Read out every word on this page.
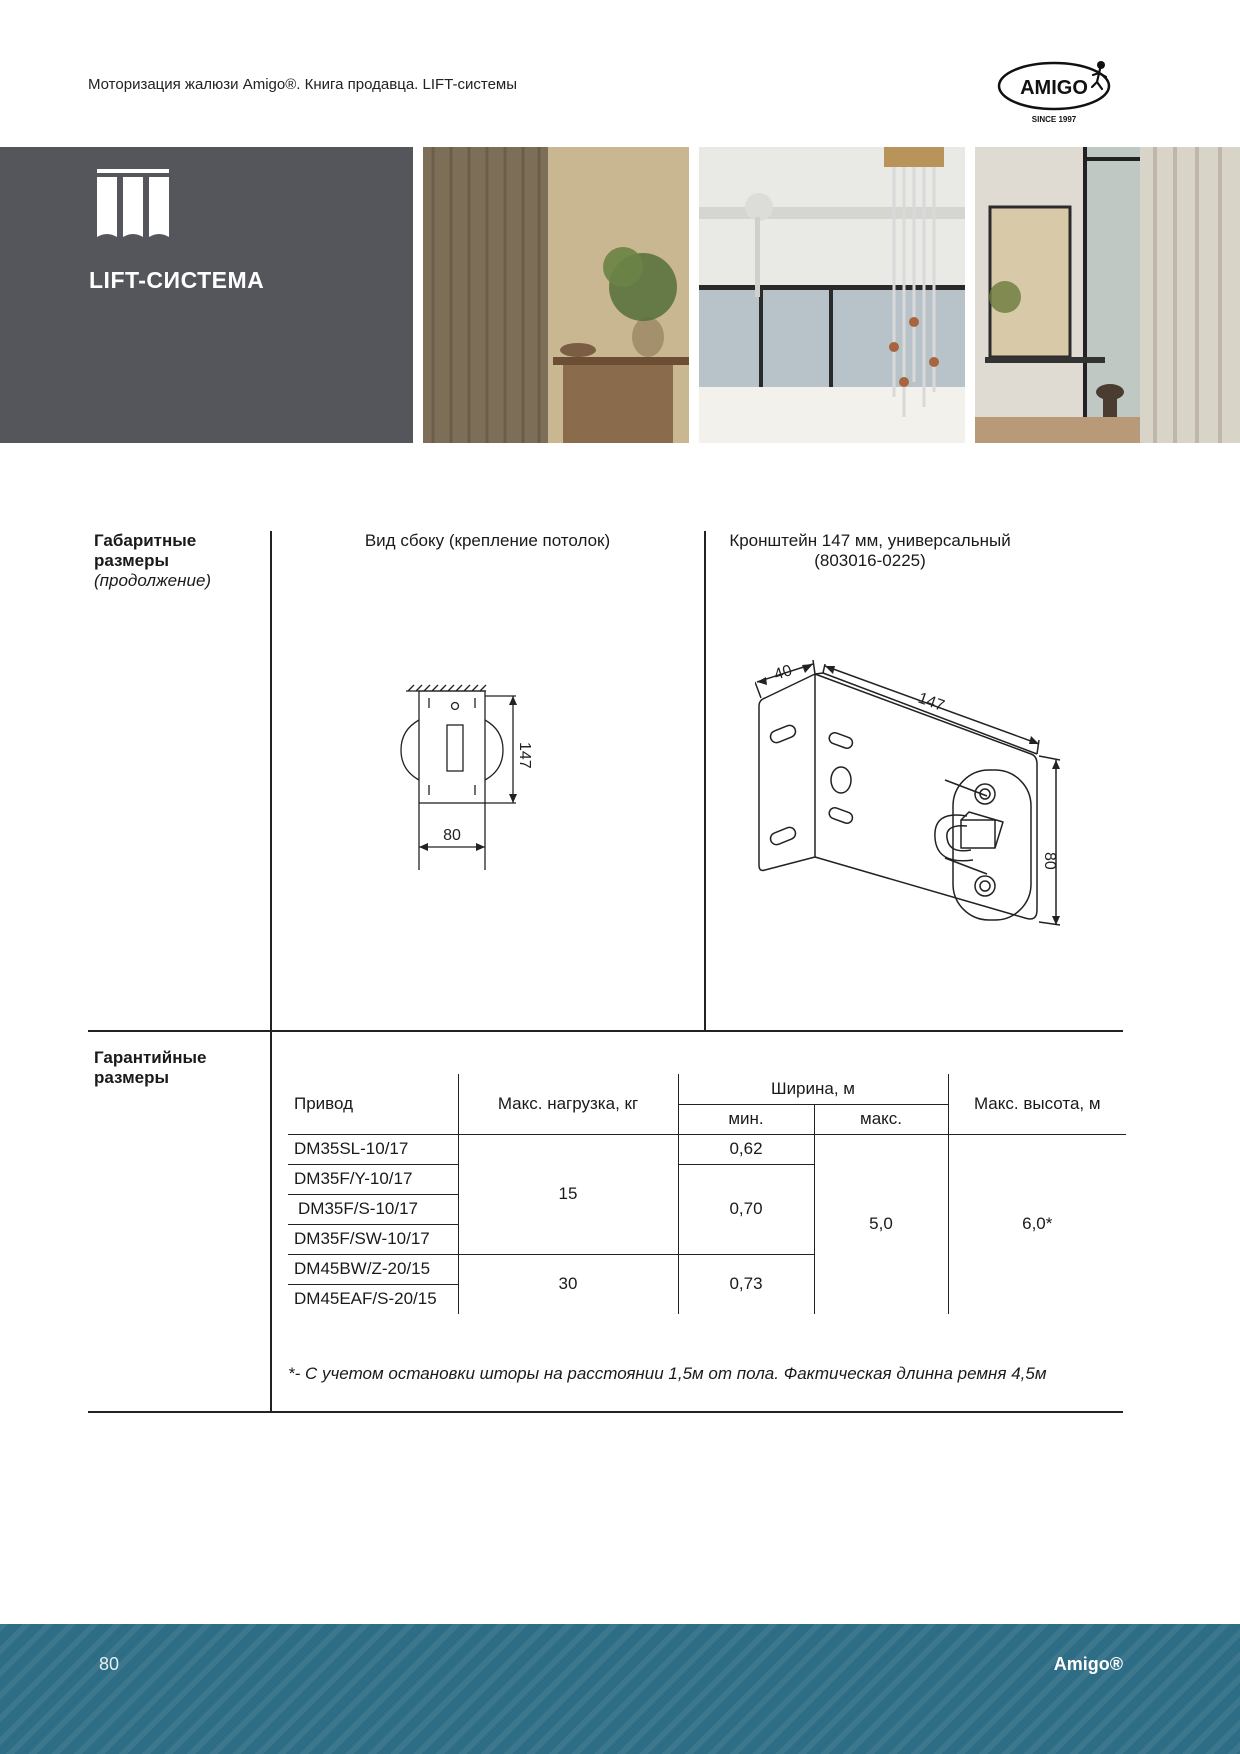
Моторизация жалюзи Amigo®. Книга продавца. LIFT-системы	AMIGO
SINCE 1997
LIFT-СИСТЕМА
Габаритные размеры
(продолжение)
Вид сбоку (крепление потолок)	Кронштейн 147 мм, универсальный
(803016-0225)
147
80
40
147
80
Гарантийные размеры
Привод	Макс. нагрузка, кг	Ширина, м		Макс. высота, м
		мин.	макс.	
DM35SL-10/17	15	0,62	5,0	6,0*
DM35F/Y-10/17		0,70		
DM35F/S-10/17				
DM35F/SW-10/17				
DM45BW/Z-20/15	30	0,73		
DM45EAF/S-20/15				
*- С учетом остановки шторы на расстоянии 1,5м от пола. Фактическая длинна ремня 4,5м
80	Amigo®
